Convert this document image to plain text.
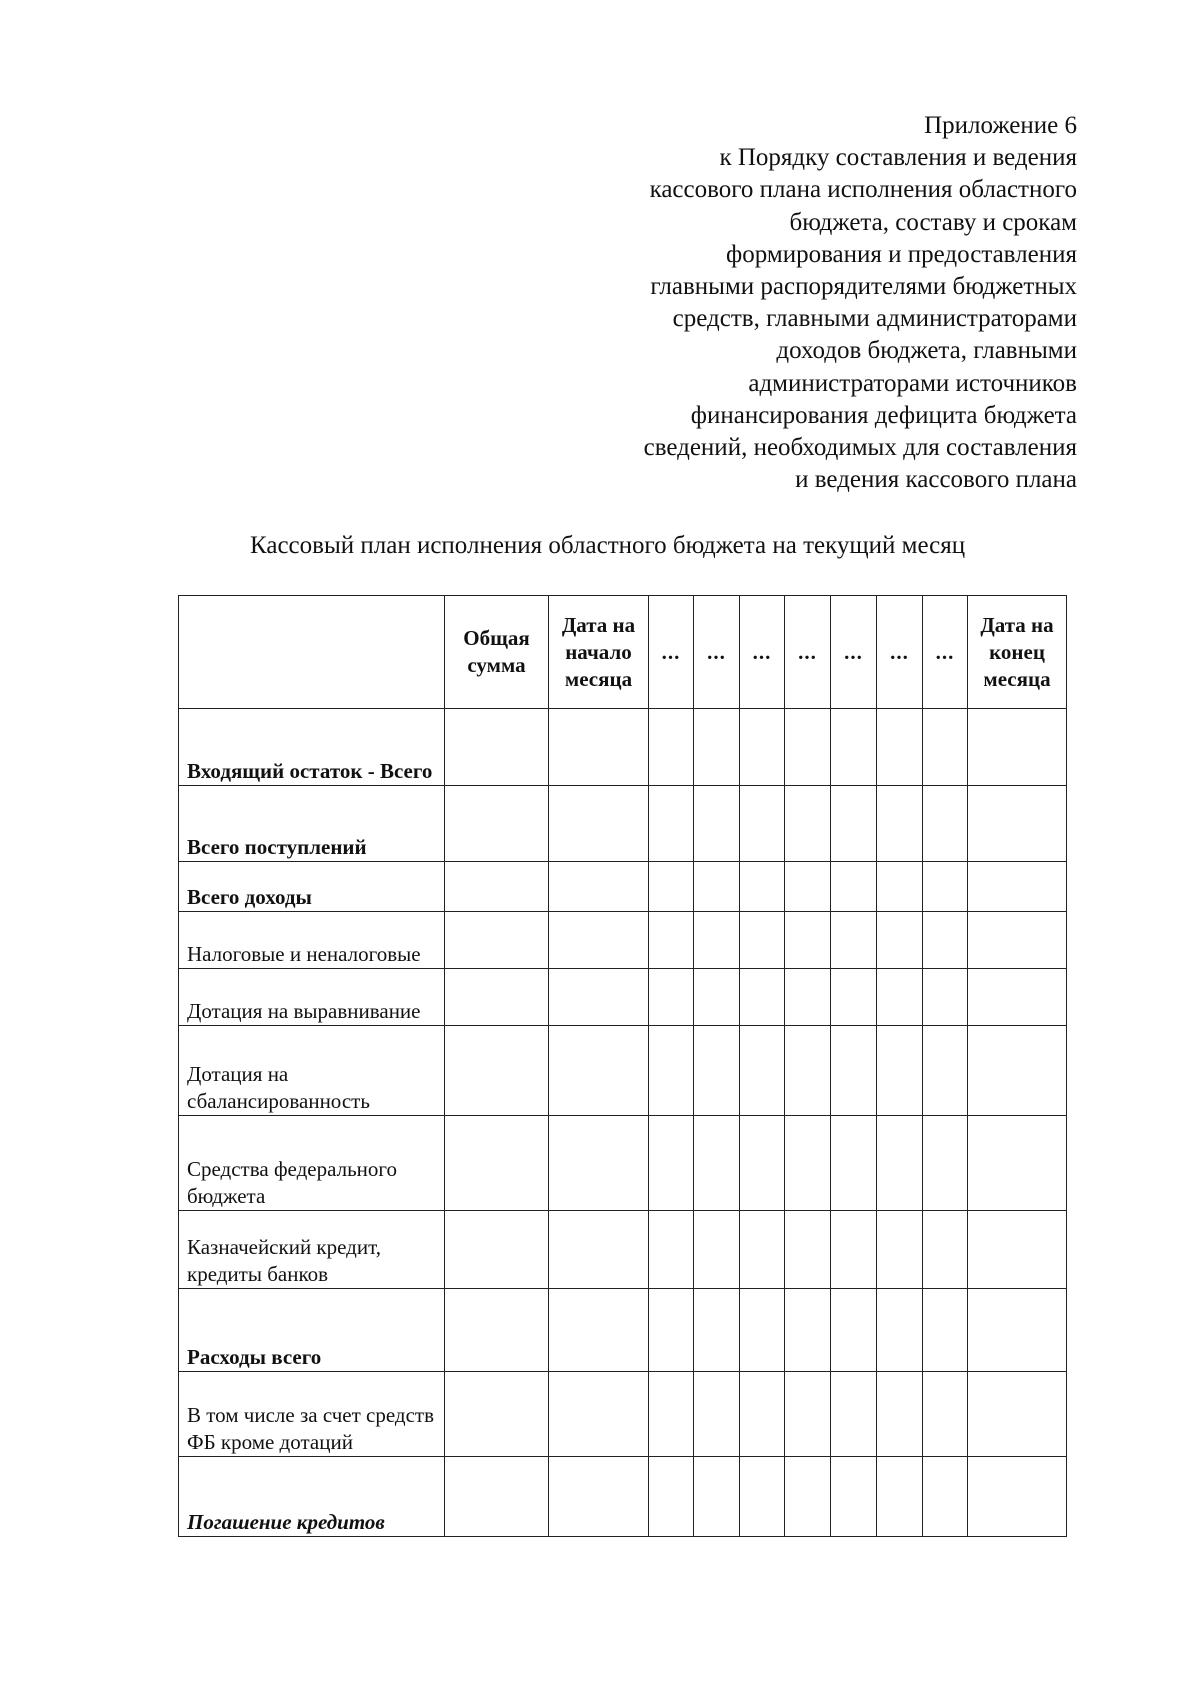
Приложение 6
к Порядку составления и ведения
кассового плана исполнения областного
бюджета, составу и срокам
формирования и предоставления
главными распорядителями бюджетных
средств, главными администраторами
доходов бюджета, главными
администраторами источников
финансирования дефицита бюджета
сведений, необходимых для составления
и ведения кассового плана
Кассовый план исполнения областного бюджета на текущий месяц
	Общая сумма	Дата на начало месяца	...	...	...	...	...	...	...	Дата на конец месяца
Входящий остаток - Всего										
Всего поступлений										
Всего доходы										
Налоговые и неналоговые										
Дотация на выравнивание										
Дотация на сбалансированность										
Средства федерального бюджета										
Казначейский кредит, кредиты банков										
Расходы всего										
В том числе за счет средств ФБ кроме дотаций										
Погашение кредитов										
